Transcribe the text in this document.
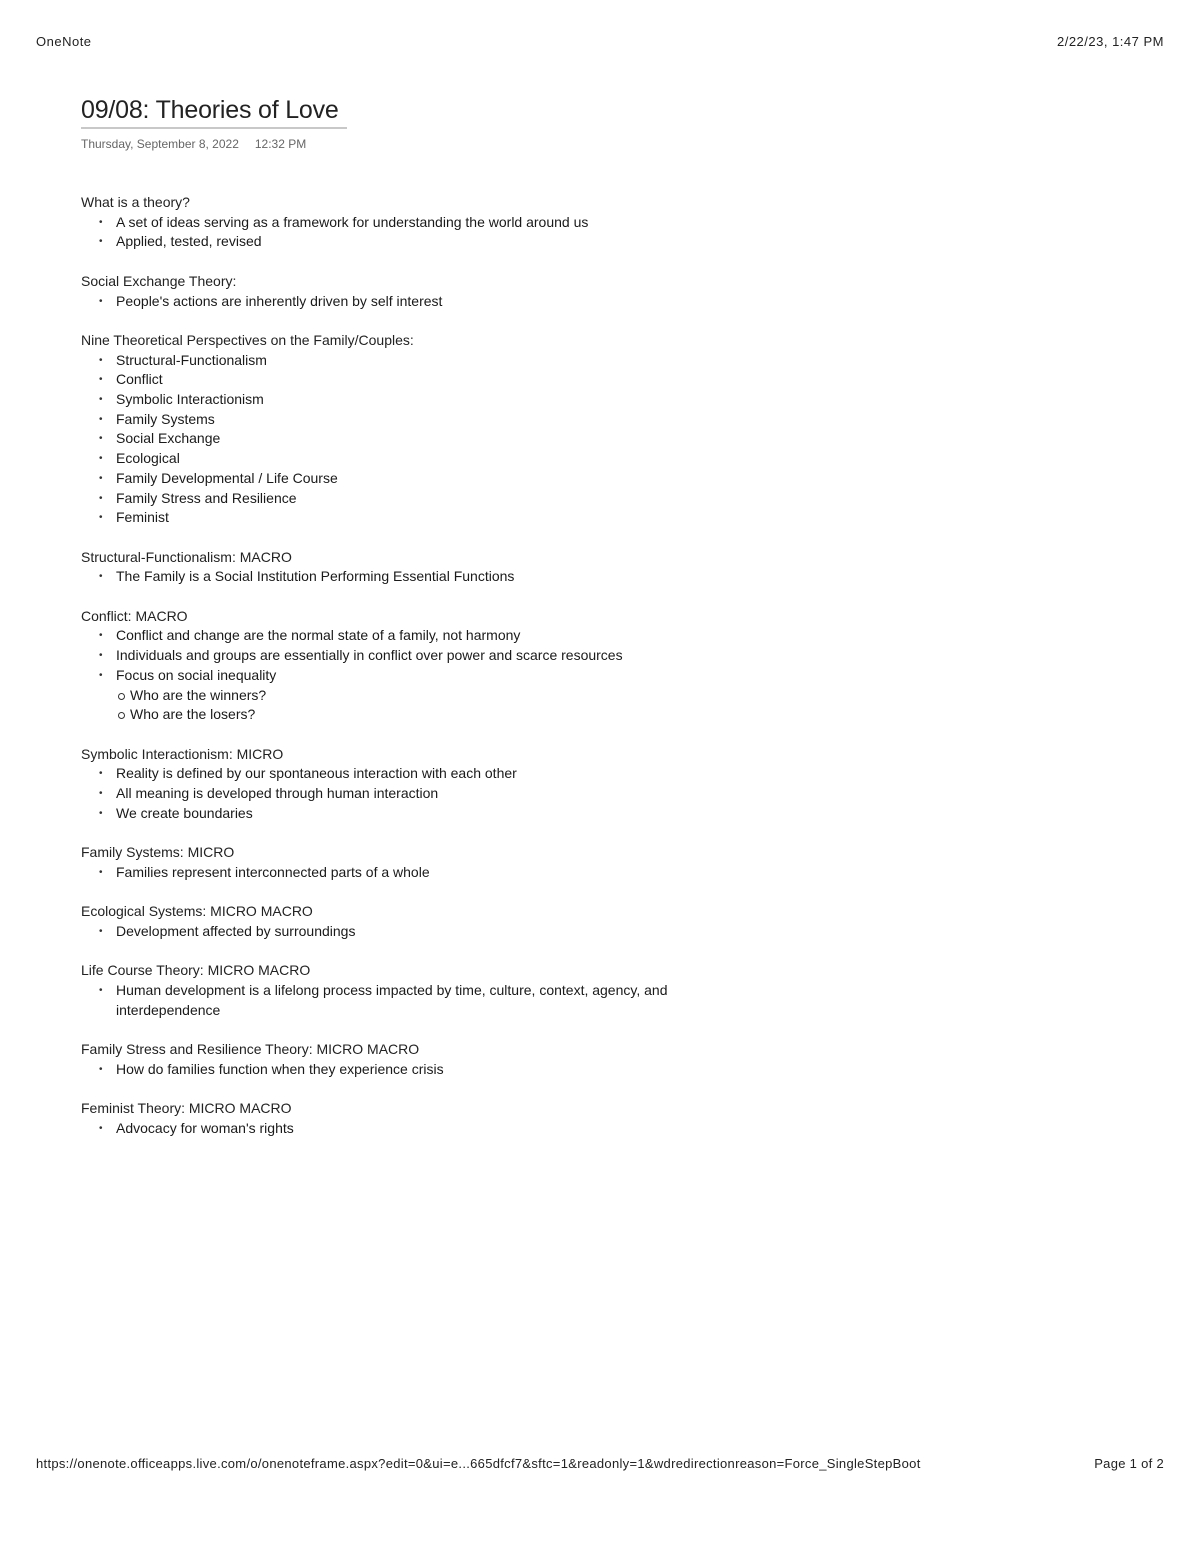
OneNote	2/22/23, 1:47 PM
09/08: Theories of Love
Thursday, September 8, 2022 12:32 PM
What is a theory?
• A set of ideas serving as a framework for understanding the world around us
• Applied, tested, revised
Social Exchange Theory:
• People's actions are inherently driven by self interest
Nine Theoretical Perspectives on the Family/Couples:
• Structural-Functionalism
• Conflict
• Symbolic Interactionism
• Family Systems
• Social Exchange
• Ecological
• Family Developmental / Life Course
• Family Stress and Resilience
• Feminist
Structural-Functionalism: MACRO
• The Family is a Social Institution Performing Essential Functions
Conflict: MACRO
• Conflict and change are the normal state of a family, not harmony
• Individuals and groups are essentially in conflict over power and scarce resources
• Focus on social inequality
Who are the winners?
Who are the losers?
Symbolic Interactionism: MICRO
• Reality is defined by our spontaneous interaction with each other
• All meaning is developed through human interaction
• We create boundaries
Family Systems: MICRO
• Families represent interconnected parts of a whole
Ecological Systems: MICRO MACRO
• Development affected by surroundings
Life Course Theory: MICRO MACRO
• Human development is a lifelong process impacted by time, culture, context, agency, and interdependence
Family Stress and Resilience Theory: MICRO MACRO
• How do families function when they experience crisis
Feminist Theory: MICRO MACRO
• Advocacy for woman's rights
https://onenote.officeapps.live.com/o/onenoteframe.aspx?edit=0&ui=e...665dfcf7&sftc=1&readonly=1&wdredirectionreason=Force_SingleStepBoot	Page 1 of 2
